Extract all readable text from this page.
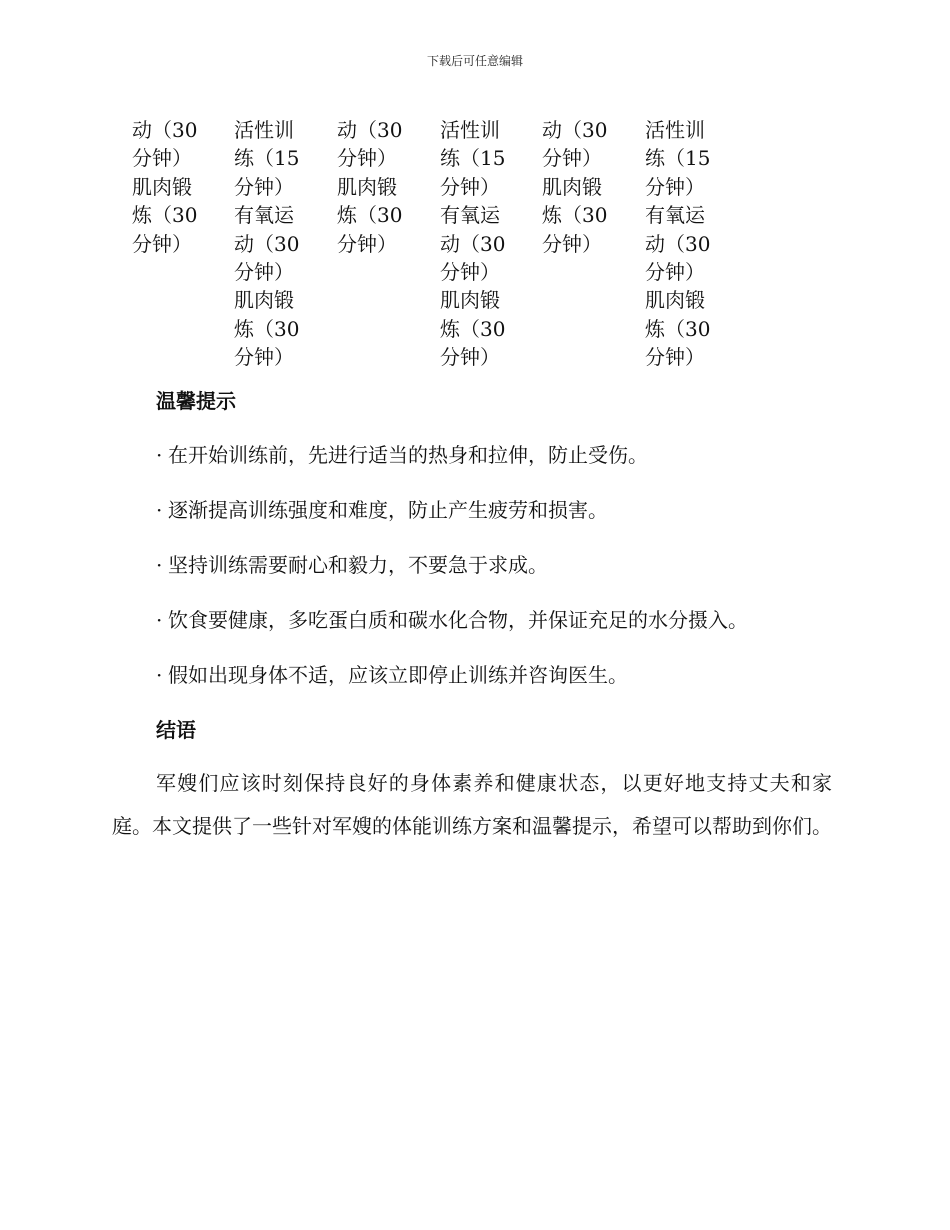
下载后可任意编辑
动（30
分钟）
肌肉锻
炼（30
分钟）
活性训
练（15
分钟）
有氧运
动（30
分钟）
肌肉锻
炼（30
分钟）
动（30
分钟）
肌肉锻
炼（30
分钟）
活性训
练（15
分钟）
有氧运
动（30
分钟）
肌肉锻
炼（30
分钟）
动（30
分钟）
肌肉锻
炼（30
分钟）
活性训
练（15
分钟）
有氧运
动（30
分钟）
肌肉锻
炼（30
分钟）
温馨提示
· 在开始训练前，先进行适当的热身和拉伸，防止受伤。
· 逐渐提高训练强度和难度，防止产生疲劳和损害。
· 坚持训练需要耐心和毅力，不要急于求成。
· 饮食要健康，多吃蛋白质和碳水化合物，并保证充足的水分摄入。
· 假如出现身体不适，应该立即停止训练并咨询医生。
结语
军嫂们应该时刻保持良好的身体素养和健康状态，以更好地支持丈夫和家庭。本文提供了一些针对军嫂的体能训练方案和温馨提示，希望可以帮助到你们。
